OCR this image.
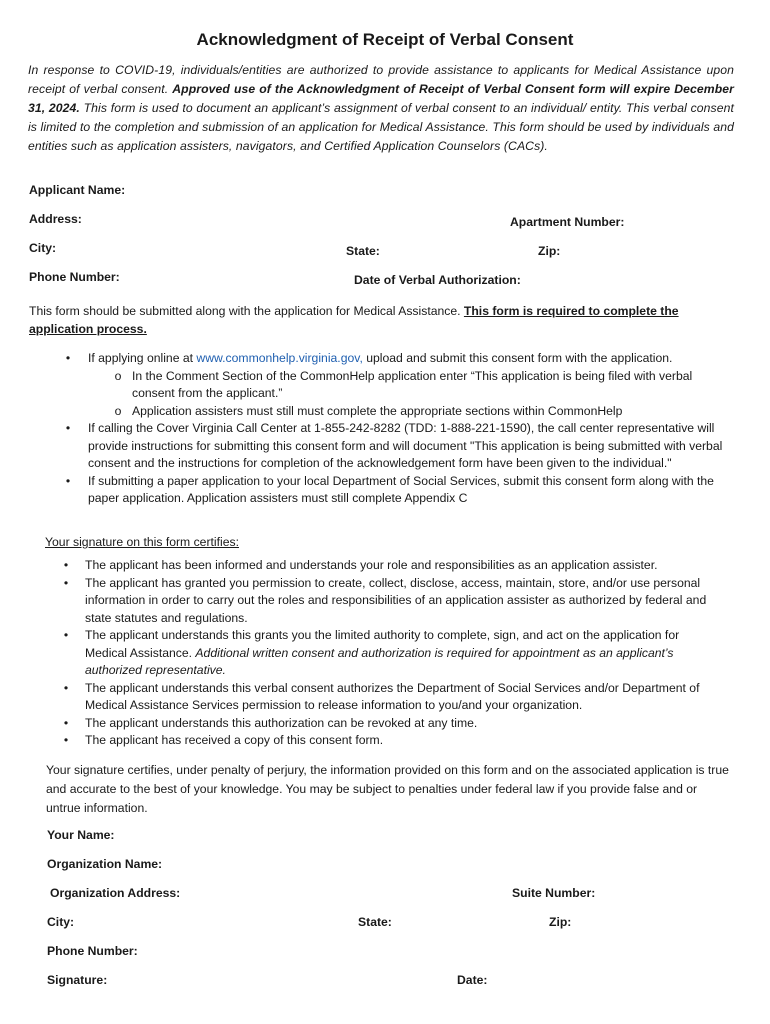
Acknowledgment of Receipt of Verbal Consent
In response to COVID-19, individuals/entities are authorized to provide assistance to applicants for Medical Assistance upon receipt of verbal consent. Approved use of the Acknowledgment of Receipt of Verbal Consent form will expire December 31, 2024. This form is used to document an applicant’s assignment of verbal consent to an individual/ entity. This verbal consent is limited to the completion and submission of an application for Medical Assistance. This form should be used by individuals and entities such as application assisters, navigators, and Certified Application Counselors (CACs).
Applicant Name:
Address:	Apartment Number:
City:	State:	Zip:
Phone Number:	Date of Verbal Authorization:
This form should be submitted along with the application for Medical Assistance. This form is required to complete the application process.
•	If applying online at www.commonhelp.virginia.gov, upload and submit this consent form with the application.
o In the Comment Section of the CommonHelp application enter “This application is being filed with verbal consent from the applicant.”
o Application assisters must still must complete the appropriate sections within CommonHelp
•	If calling the Cover Virginia Call Center at 1-855-242-8282 (TDD: 1-888-221-1590), the call center representative will provide instructions for submitting this consent form and will document "This application is being submitted with verbal consent and the instructions for completion of the acknowledgement form have been given to the individual."
•	If submitting a paper application to your local Department of Social Services, submit this consent form along with the paper application. Application assisters must still complete Appendix C
Your signature on this form certifies:
•	The applicant has been informed and understands your role and responsibilities as an application assister.
•	The applicant has granted you permission to create, collect, disclose, access, maintain, store, and/or use personal information in order to carry out the roles and responsibilities of an application assister as authorized by federal and state statutes and regulations.
•	The applicant understands this grants you the limited authority to complete, sign, and act on the application for Medical Assistance. Additional written consent and authorization is required for appointment as an applicant’s authorized representative.
•	The applicant understands this verbal consent authorizes the Department of Social Services and/or Department of Medical Assistance Services permission to release information to you/and your organization.
•	The applicant understands this authorization can be revoked at any time.
•	The applicant has received a copy of this consent form.
Your signature certifies, under penalty of perjury, the information provided on this form and on the associated application is true and accurate to the best of your knowledge. You may be subject to penalties under federal law if you provide false and or untrue information.
Your Name:
Organization Name:
Organization Address:	Suite Number:
City:	State:	Zip:
Phone Number:
Signature:	Date:
